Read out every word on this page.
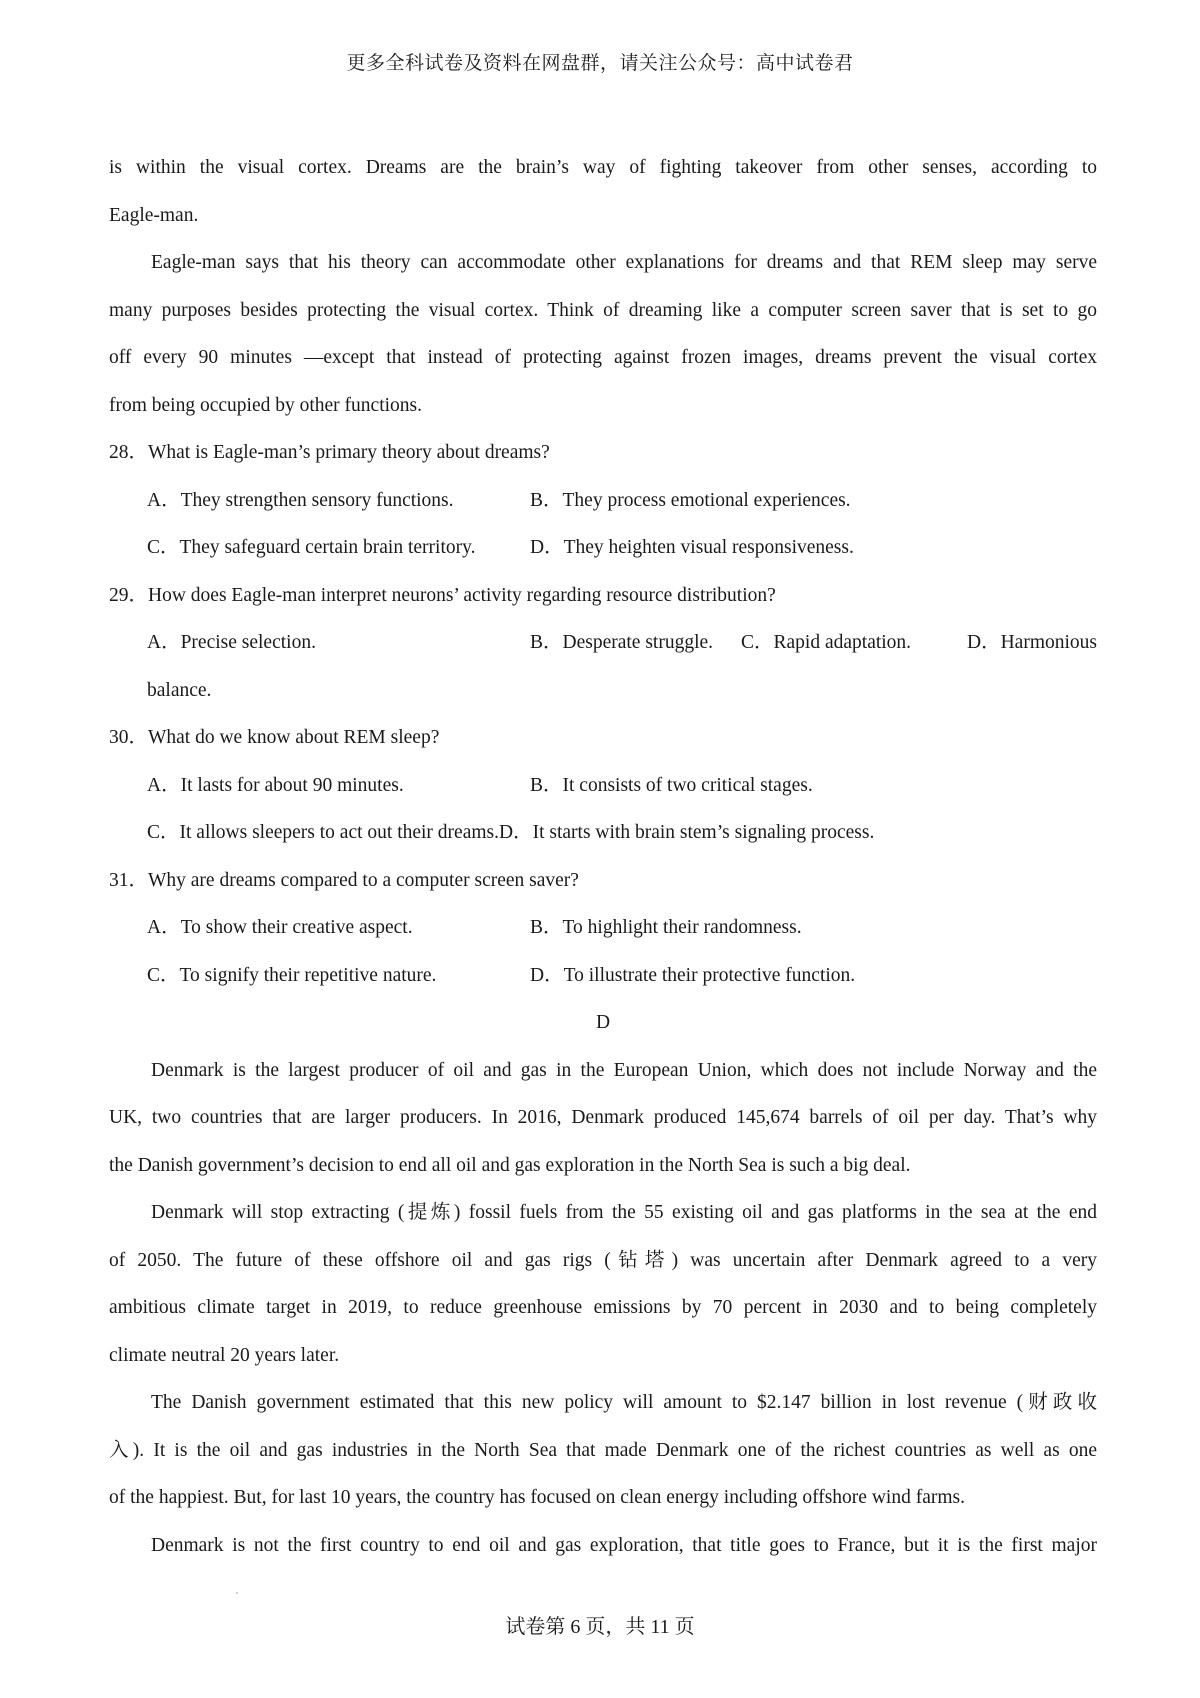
更多全科试卷及资料在网盘群，请关注公众号：高中试卷君
is within the visual cortex. Dreams are the brain’s way of fighting takeover from other senses, according to
Eagle-man.
Eagle-man says that his theory can accommodate other explanations for dreams and that REM sleep may serve
many purposes besides protecting the visual cortex. Think of dreaming like a computer screen saver that is set to go
off every 90 minutes —except that instead of protecting against frozen images, dreams prevent the visual cortex
from being occupied by other functions.
28．What is Eagle-man’s primary theory about dreams?
A．They strengthen sensory functions.	B．They process emotional experiences.
C．They safeguard certain brain territory.	D．They heighten visual responsiveness.
29．How does Eagle-man interpret neurons’ activity regarding resource distribution?
A．Precise selection.	B．Desperate struggle. C．Rapid adaptation.	D．Harmonious
balance.
30．What do we know about REM sleep?
A．It lasts for about 90 minutes.	B．It consists of two critical stages.
C．It allows sleepers to act out their dreams.D．It starts with brain stem’s signaling process.
31．Why are dreams compared to a computer screen saver?
A．To show their creative aspect.	B．To highlight their randomness.
C．To signify their repetitive nature.	D．To illustrate their protective function.
D
Denmark is the largest producer of oil and gas in the European Union, which does not include Norway and the
UK, two countries that are larger producers. In 2016, Denmark produced 145,674 barrels of oil per day. That’s why
the Danish government’s decision to end all oil and gas exploration in the North Sea is such a big deal.
Denmark will stop extracting (提炼) fossil fuels from the 55 existing oil and gas platforms in the sea at the end
of 2050. The future of these offshore oil and gas rigs (钻塔) was uncertain after Denmark agreed to a very
ambitious climate target in 2019, to reduce greenhouse emissions by 70 percent in 2030 and to being completely
climate neutral 20 years later.
The Danish government estimated that this new policy will amount to $2.147 billion in lost revenue (财政收
入). It is the oil and gas industries in the North Sea that made Denmark one of the richest countries as well as one
of the happiest. But, for last 10 years, the country has focused on clean energy including offshore wind farms.
Denmark is not the first country to end oil and gas exploration, that title goes to France, but it is the first major
试卷第 6 页，共 11 页
